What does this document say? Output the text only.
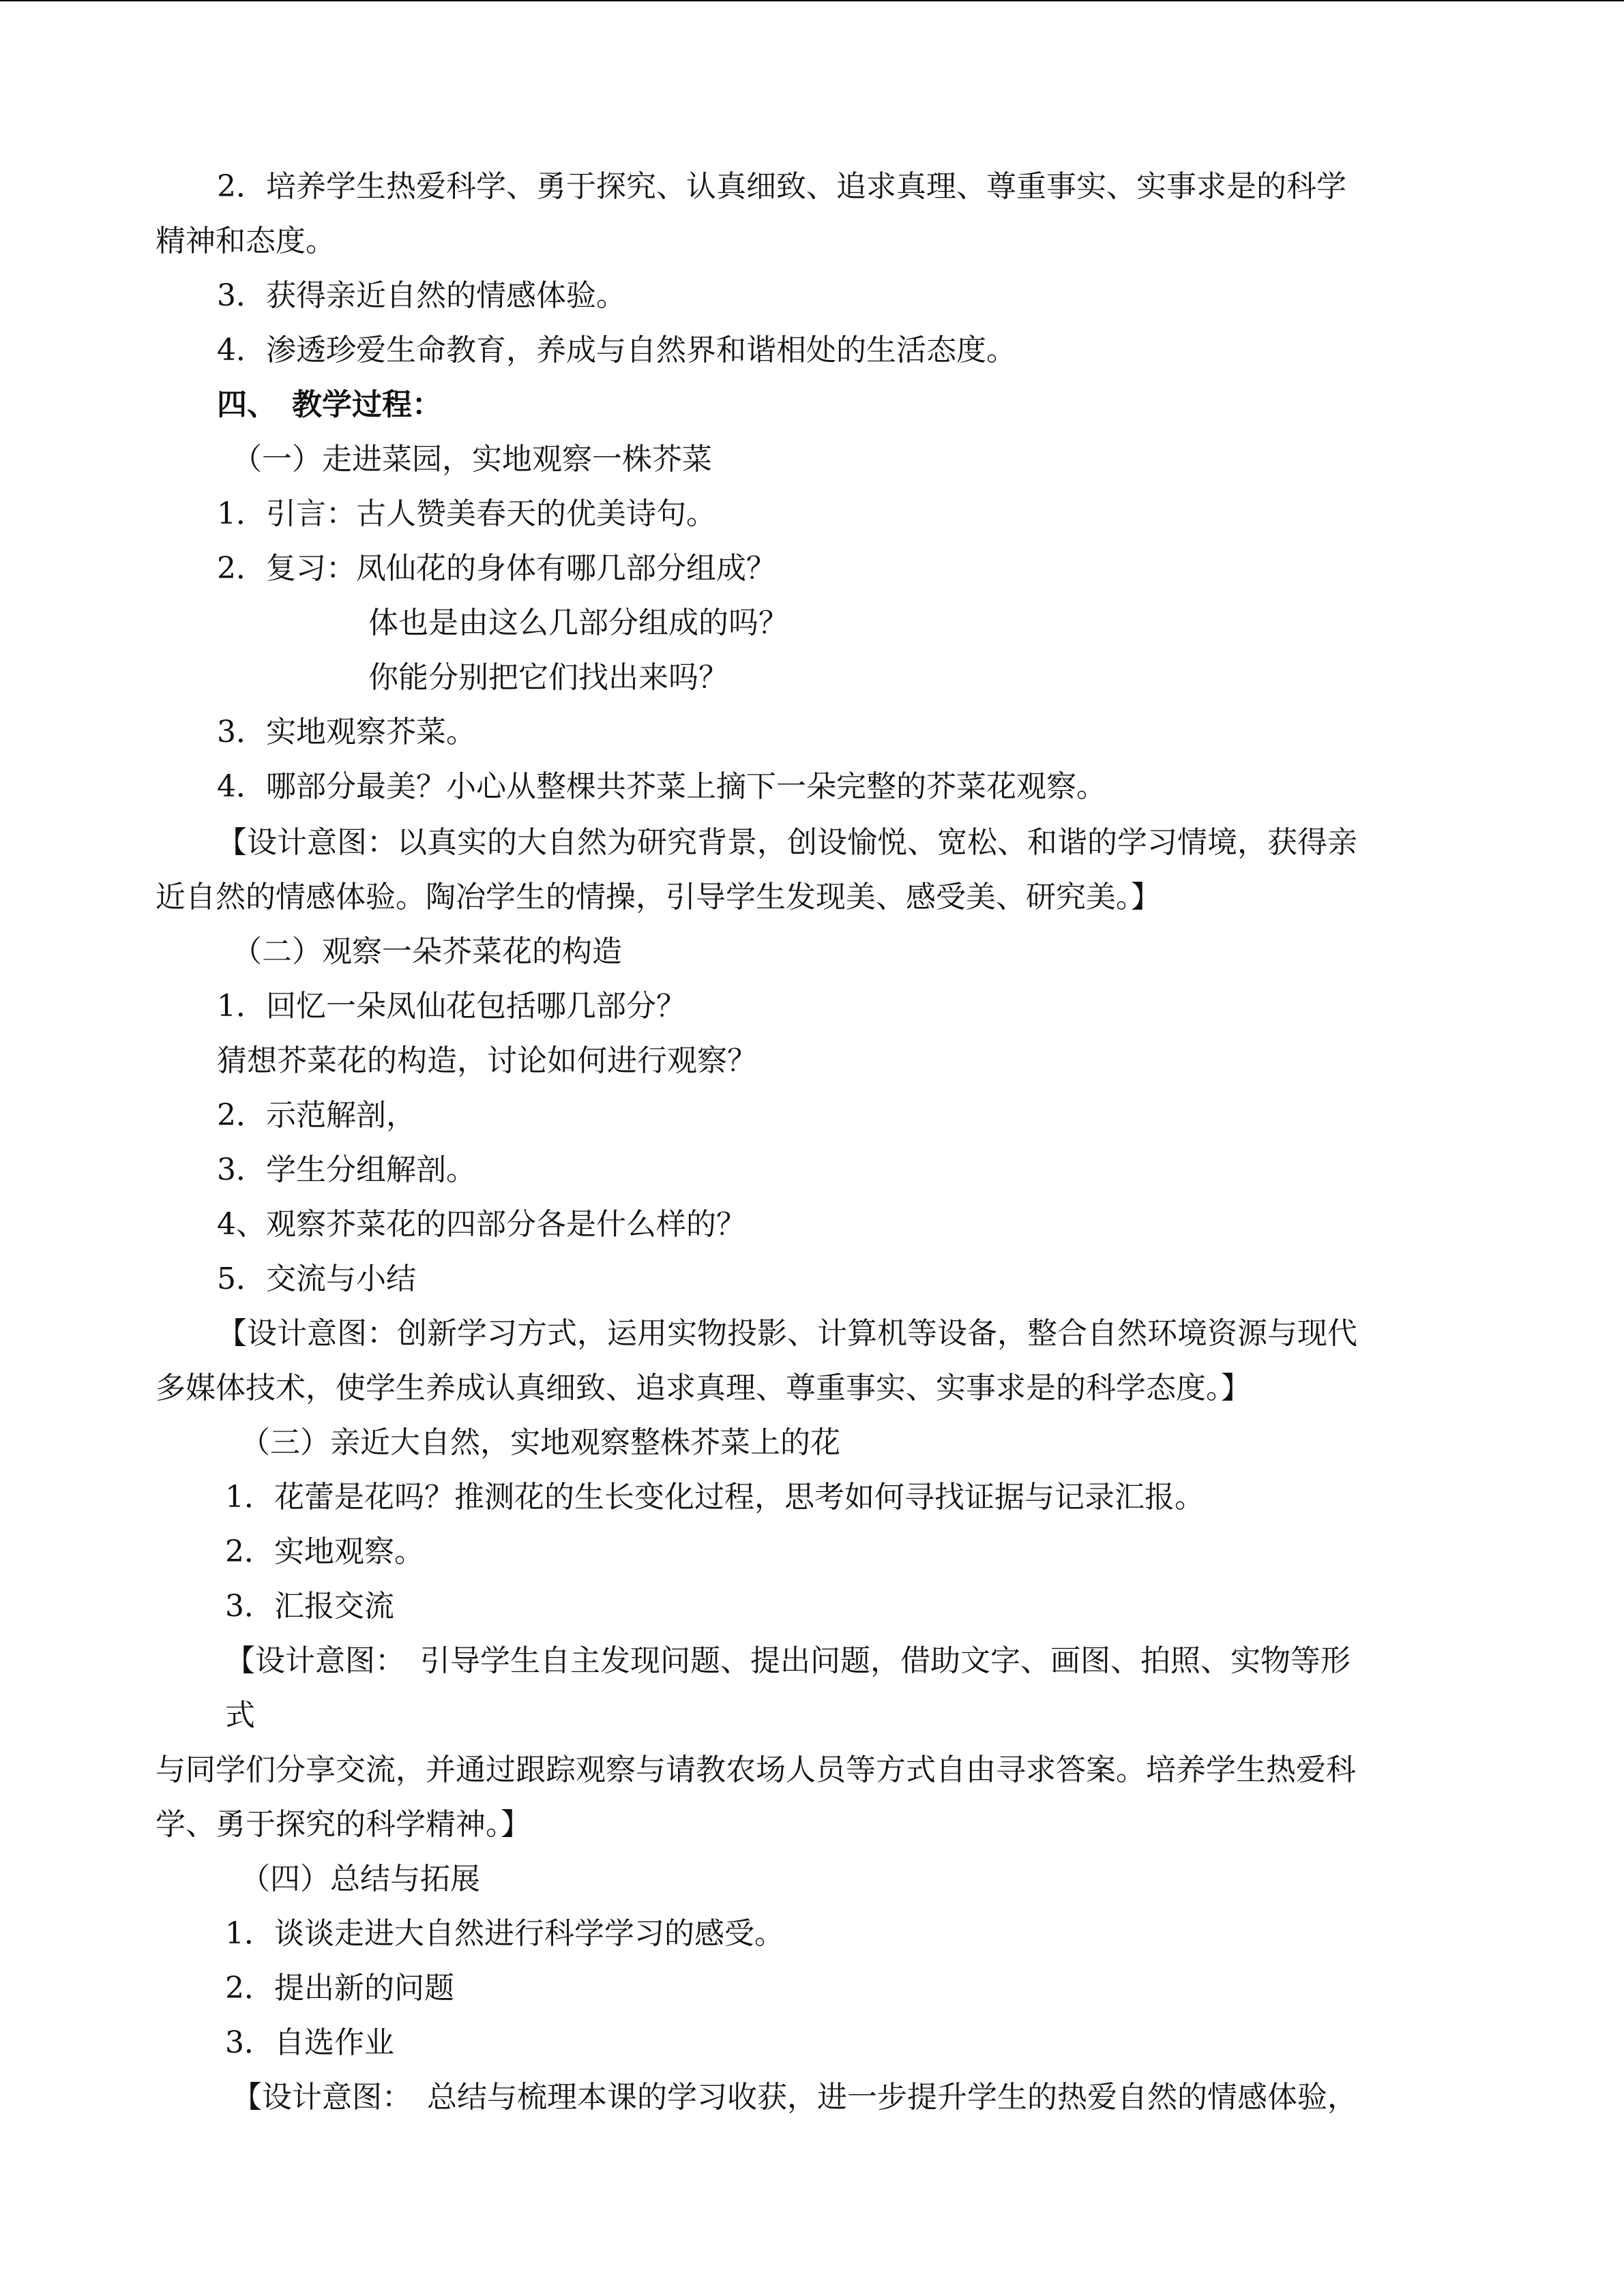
2．培养学生热爱科学、勇于探究、认真细致、追求真理、尊重事实、实事求是的科学
精神和态度。
3．获得亲近自然的情感体验。
4．渗透珍爱生命教育，养成与自然界和谐相处的生活态度。
四、　教学过程：
（一）走进菜园，实地观察一株芥菜
1．引言：古人赞美春天的优美诗句。
2．复习：凤仙花的身体有哪几部分组成？
体也是由这么几部分组成的吗？
你能分别把它们找出来吗？
3．实地观察芥菜。
4．哪部分最美？小心从整棵共芥菜上摘下一朵完整的芥菜花观察。
【设计意图：以真实的大自然为研究背景，创设愉悦、宽松、和谐的学习情境，获得亲
近自然的情感体验。陶冶学生的情操，引导学生发现美、感受美、研究美。】
（二）观察一朵芥菜花的构造
1．回忆一朵凤仙花包括哪几部分？
猜想芥菜花的构造，讨论如何进行观察？
2．示范解剖，
3．学生分组解剖。
4、观察芥菜花的四部分各是什么样的？
5．交流与小结
【设计意图：创新学习方式，运用实物投影、计算机等设备，整合自然环境资源与现代
多媒体技术，使学生养成认真细致、追求真理、尊重事实、实事求是的科学态度。】
（三）亲近大自然，实地观察整株芥菜上的花
1．花蕾是花吗？推测花的生长变化过程，思考如何寻找证据与记录汇报。
2．实地观察。
3．汇报交流
【设计意图：　引导学生自主发现问题、提出问题，借助文字、画图、拍照、实物等形
式
与同学们分享交流，并通过跟踪观察与请教农场人员等方式自由寻求答案。培养学生热爱科
学、勇于探究的科学精神。】
（四）总结与拓展
1．谈谈走进大自然进行科学学习的感受。
2．提出新的问题
3．自选作业
【设计意图：　总结与梳理本课的学习收获，进一步提升学生的热爱自然的情感体验，
